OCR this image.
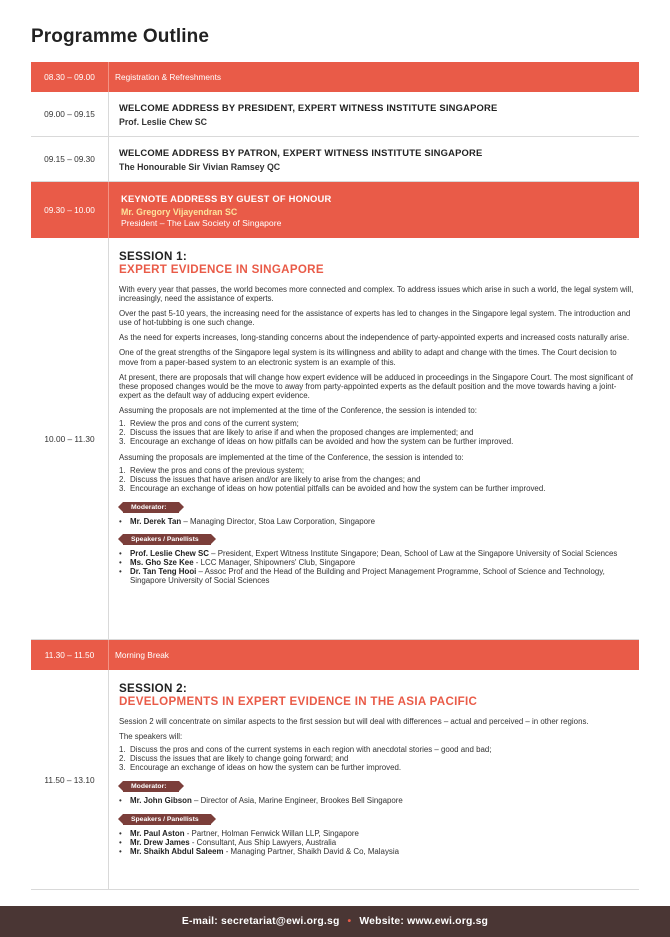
Programme Outline
08.30 – 09.00	Registration & Refreshments
09.00 – 09.15
WELCOME ADDRESS BY PRESIDENT, EXPERT WITNESS INSTITUTE SINGAPORE
Prof. Leslie Chew SC
09.15 – 09.30
WELCOME ADDRESS BY PATRON, EXPERT WITNESS INSTITUTE SINGAPORE
The Honourable Sir Vivian Ramsey QC
09.30 – 10.00
KEYNOTE ADDRESS BY GUEST OF HONOUR
Mr. Gregory Vijayendran SC
President – The Law Society of Singapore
10.00 – 11.30
SESSION 1:
EXPERT EVIDENCE IN SINGAPORE

With every year that passes, the world becomes more connected and complex. To address issues which arise in such a world, the legal system will, increasingly, need the assistance of experts.

Over the past 5-10 years, the increasing need for the assistance of experts has led to changes in the Singapore legal system. The introduction and use of hot-tubbing is one such change.

As the need for experts increases, long-standing concerns about the independence of party-appointed experts and increased costs naturally arise.

One of the great strengths of the Singapore legal system is its willingness and ability to adapt and change with the times. The Court decision to move from a paper-based system to an electronic system is an example of this.

At present, there are proposals that will change how expert evidence will be adduced in proceedings in the Singapore Court. The most significant of these proposed changes would be the move to away from party-appointed experts as the default position and the move towards having a joint-expert as the default way of adducing expert evidence.

Assuming the proposals are not implemented at the time of the Conference, the session is intended to:

1. Review the pros and cons of the current system;
2. Discuss the issues that are likely to arise if and when the proposed changes are implemented; and
3. Encourage an exchange of ideas on how pitfalls can be avoided and how the system can be further improved.

Assuming the proposals are implemented at the time of the Conference, the session is intended to:

1. Review the pros and cons of the previous system;
2. Discuss the issues that have arisen and/or are likely to arise from the changes; and
3. Encourage an exchange of ideas on how potential pitfalls can be avoided and how the system can be further improved.
Moderator:
• Mr. Derek Tan – Managing Director, Stoa Law Corporation, Singapore
Speakers / Panellists
• Prof. Leslie Chew SC – President, Expert Witness Institute Singapore; Dean, School of Law at the Singapore University of Social Sciences
• Ms. Gho Sze Kee - LCC Manager, Shipowners' Club, Singapore
• Dr. Tan Teng Hooi – Assoc Prof and the Head of the Building and Project Management Programme, School of Science and Technology, Singapore University of Social Sciences
11.30 – 11.50	Morning Break
11.50 – 13.10
SESSION 2:
DEVELOPMENTS IN EXPERT EVIDENCE IN THE ASIA PACIFIC

Session 2 will concentrate on similar aspects to the first session but will deal with differences – actual and perceived – in other regions.

The speakers will:

1. Discuss the pros and cons of the current systems in each region with anecdotal stories – good and bad;
2. Discuss the issues that are likely to change going forward; and
3. Encourage an exchange of ideas on how the system can be further improved.
Moderator:
• Mr. John Gibson – Director of Asia, Marine Engineer, Brookes Bell Singapore
Speakers / Panellists
• Mr. Paul Aston - Partner, Holman Fenwick Willan LLP, Singapore
• Mr. Drew James - Consultant, Aus Ship Lawyers, Australia
• Mr. Shaikh Abdul Saleem - Managing Partner, Shaikh David & Co, Malaysia
E-mail:
secretariat@ewi.org.sg • Website:
www.ewi.org.sg
